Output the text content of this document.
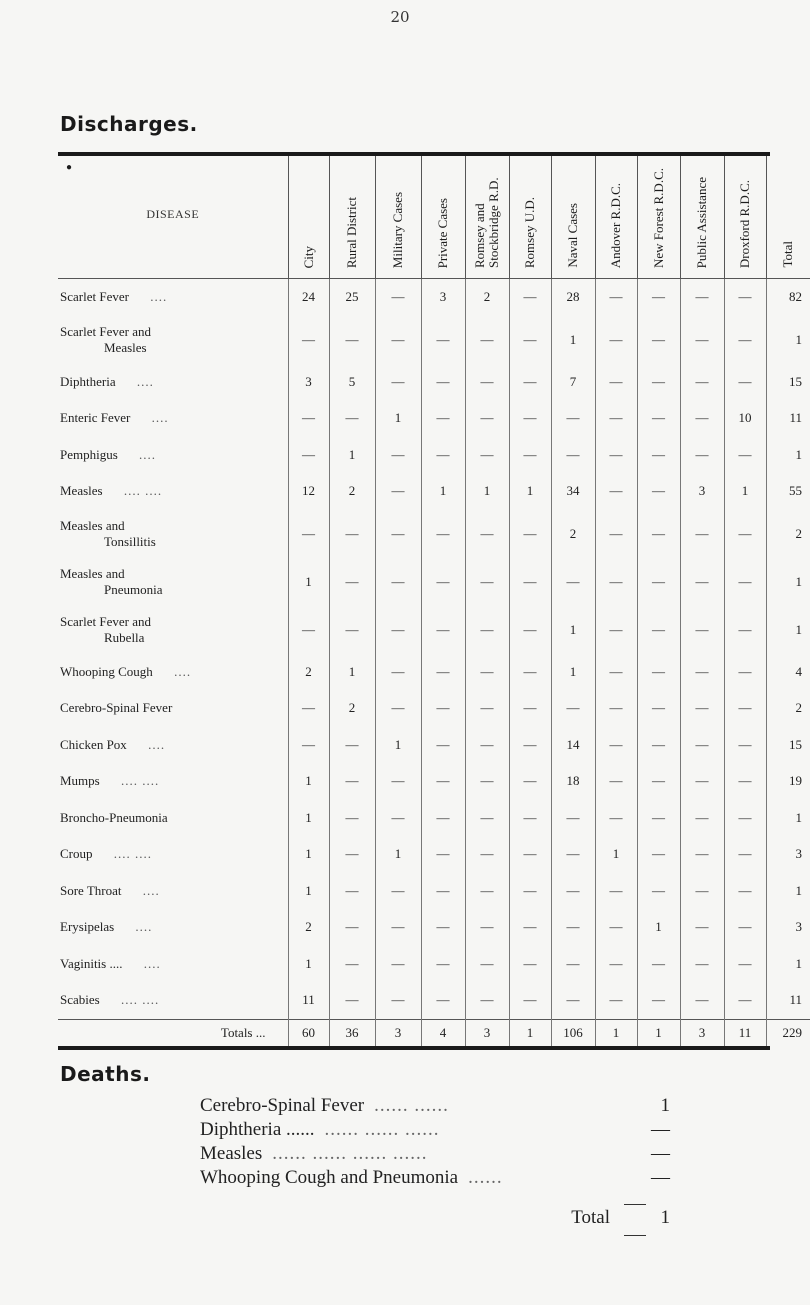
20
Discharges.
●
DISEASE	City	Rural District	Military Cases	Private Cases	Romsey and Stockbridge R.D.	Romsey U.D.	Naval Cases	Andover R.D.C.	New Forest R.D.C.	Public Assistance	Droxford R.D.C.	Total

Scarlet Fever ....	24	25	—	3	2	—	28	—	—	—	—	82

Scarlet Fever and
Measles	—	—	—	—	—	—	1	—	—	—	—	1

Diphtheria ....	3	5	—	—	—	—	7	—	—	—	—	15

Enteric Fever ....	—	—	1	—	—	—	—	—	—	—	10	11

Pemphigus ....	—	1	—	—	—	—	—	—	—	—	—	1

Measles .... ....	12	2	—	1	1	1	34	—	—	3	1	55

Measles and
Tonsillitis	—	—	—	—	—	—	2	—	—	—	—	2

Measles and
Pneumonia	1	—	—	—	—	—	—	—	—	—	—	1

Scarlet Fever and
Rubella	—	—	—	—	—	—	1	—	—	—	—	1

Whooping Cough ....	2	1	—	—	—	—	1	—	—	—	—	4

Cerebro-Spinal Fever	—	2	—	—	—	—	—	—	—	—	—	2

Chicken Pox ....	—	—	1	—	—	—	14	—	—	—	—	15

Mumps .... ....	1	—	—	—	—	—	18	—	—	—	—	19

Broncho-Pneumonia	1	—	—	—	—	—	—	—	—	—	—	1

Croup .... ....	1	—	1	—	—	—	—	1	—	—	—	3

Sore Throat ....	1	—	—	—	—	—	—	—	—	—	—	1

Erysipelas ....	2	—	—	—	—	—	—	—	1	—	—	3

Vaginitis .... ....	1	—	—	—	—	—	—	—	—	—	—	1

Scabies .... ....	11	—	—	—	—	—	—	—	—	—	—	11

Totals ...	60	36	3	4	3	1	106	1	1	3	11	229
Deaths.
Cerebro-Spinal Fever ...... ......	1
Diphtheria ...... ...... ...... ......	—
Measles ...... ...... ...... ......	—
Whooping Cough and Pneumonia ......	—
Total	1
